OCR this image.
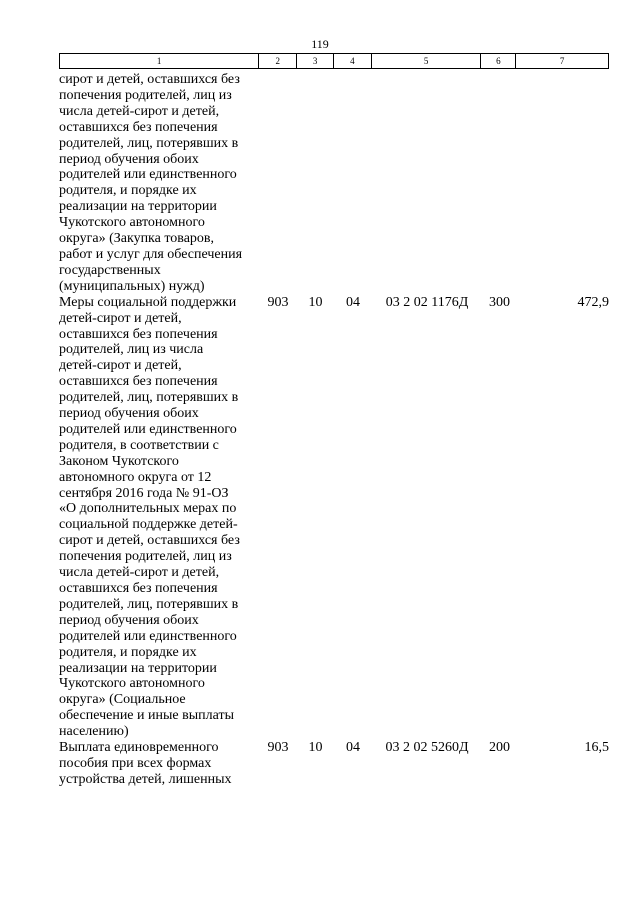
119
1	2	3	4	5	6	7
сирот и детей, оставшихся без
попечения родителей, лиц из
числа детей-сирот и детей,
оставшихся без попечения
родителей, лиц, потерявших в
период обучения обоих
родителей или единственного
родителя, и порядке их
реализации на территории
Чукотского автономного
округа» (Закупка товаров,
работ и услуг для обеспечения
государственных
(муниципальных) нужд)
Меры социальной поддержки
детей-сирот и детей,
оставшихся без попечения
родителей, лиц из числа
детей-сирот и детей,
оставшихся без попечения
родителей, лиц, потерявших в
период обучения обоих
родителей или единственного
родителя, в соответствии с
Законом Чукотского
автономного округа от 12
сентября 2016 года № 91-ОЗ
«О дополнительных мерах по
социальной поддержке детей-
сирот и детей, оставшихся без
попечения родителей, лиц из
числа детей-сирот и детей,
оставшихся без попечения
родителей, лиц, потерявших в
период обучения обоих
родителей или единственного
родителя, и порядке их
реализации на территории
Чукотского автономного
округа» (Социальное
обеспечение и иные выплаты
населению)
903	10	04	03 2 02 1176Д	300	472,9
Выплата единовременного
пособия при всех формах
устройства детей, лишенных
903	10	04	03 2 02 5260Д	200	16,5
